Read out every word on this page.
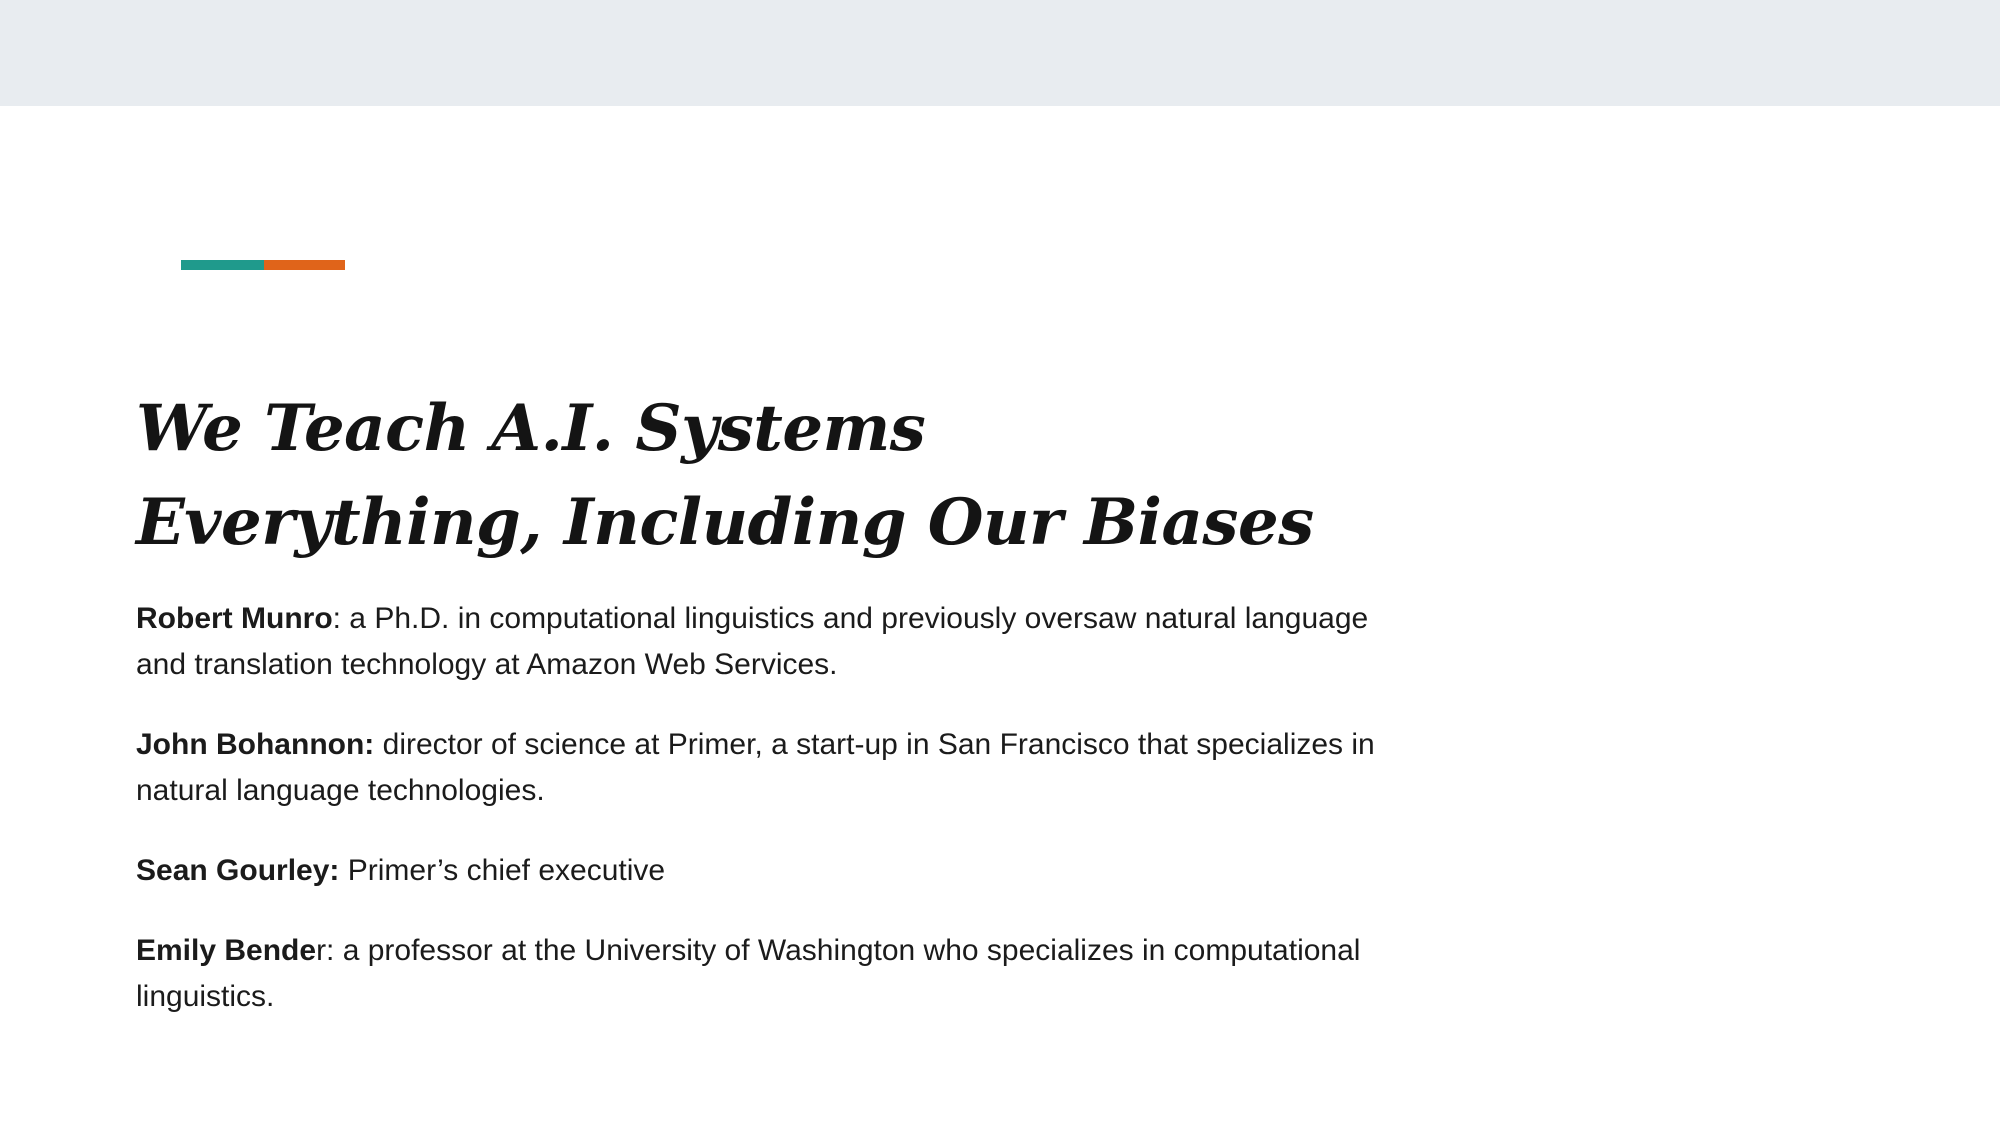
We Teach A.I. Systems
Everything, Including Our Biases

Robert Munro: a Ph.D. in computational linguistics and previously oversaw natural language and translation technology at Amazon Web Services.

John Bohannon: director of science at Primer, a start-up in San Francisco that specializes in natural language technologies.

Sean Gourley: Primer’s chief executive

Emily Bender: a professor at the University of Washington who specializes in computational linguistics.
